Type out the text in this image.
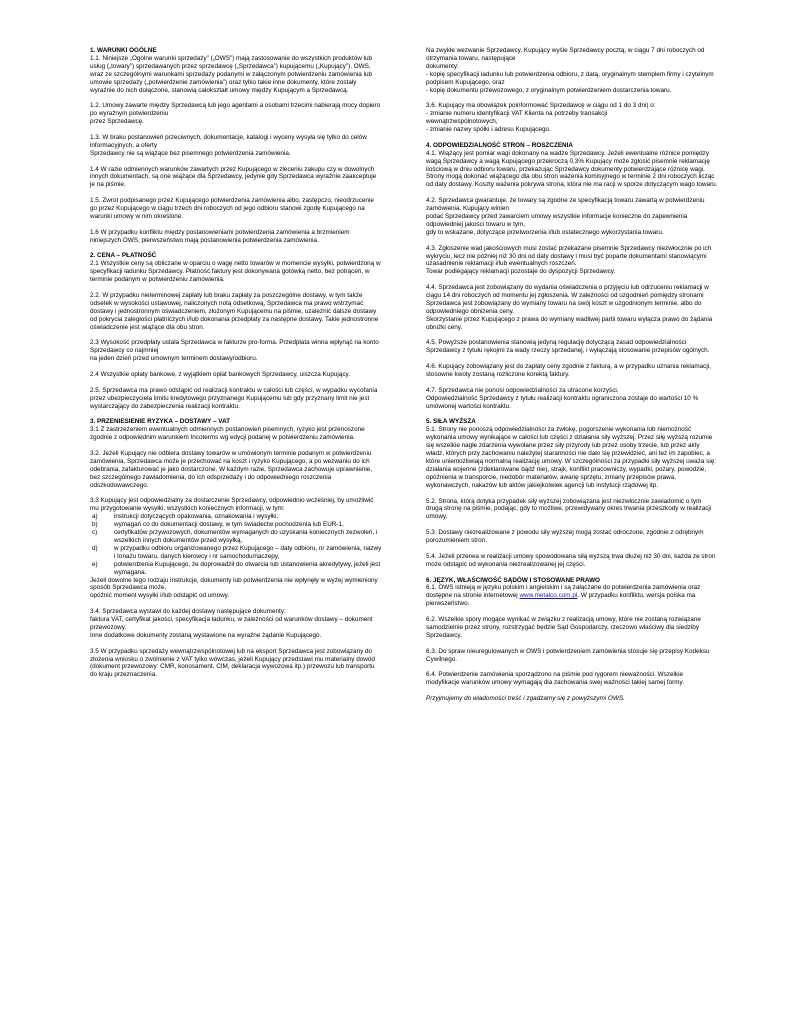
1. WARUNKI OGÓLNE
1.1. Niniejsze „Ogólne warunki sprzedaży” („OWS”) mają zastosowanie do wszystkich produktów lub usług („towary”) sprzedawanych przez sprzedawcę („Sprzedawca”) kupującemu („Kupujący”). OWS, wraz ze szczególnymi warunkami sprzedaży podanymi w załączonym potwierdzeniu zamówienia lub umowie sprzedaży („potwierdzenie zamówienia”) oraz tylko takie inne dokumenty, które zostały wyraźnie do nich dołączone, stanowią całokształt umowy między Kupującym a Sprzedawcą.
1.2. Umowy zawarte między Sprzedawcą lub jego agentami a osobami trzecimi nabierają mocy dopiero po wyraźnym potwierdzeniu
przez Sprzedawcę.
1.3. W braku postanowień przeciwnych, dokumentacje, katalogi i wyceny wysyła się tylko do celów informacyjnych, a oferty
Sprzedawcy nie są wiążące bez pisemnego potwierdzenia zamówienia.
1.4 W razie odmiennych warunków zawartych przez Kupującego w zleceniu zakupu czy w dowolnych innych dokumentach, są one wiążące dla Sprzedawcy, jedynie gdy Sprzedawca wyraźnie zaakceptuje je na piśmie.
1.5. Zwrot podpisanego przez Kupującego potwierdzenia zamówienia albo, zastępczo, nieodrzucenie go przez Kupującego w ciągu trzech dni roboczych od jego odbioru stanowi zgodę Kupującego na warunki umowy w nim określone.
1.6 W przypadku konfliktu między postanowieniami potwierdzenia zamówienia a brzmieniem niniejszych OWS, pierwszeństwo mają postanowienia potwierdzenia zamówienia.
2. CENA – PŁATNOŚĆ
2.1 Wszystkie ceny są obliczane w oparciu o wagę netto towarów w momencie wysyłki, potwierdzoną w specyfikacji ładunku Sprzedawcy. Płatność faktury jest dokonywana gotówką netto, bez potrąceń, w terminie podanym w potwierdzeniu zamówienia.
2.2. W przypadku nieterminowej zapłaty lub braku zapłaty za poszczególne dostawy, w tym także odsetek w wysokości ustawowej, naliczonych notą odsetkową, Sprzedawca ma prawo wstrzymać dostawy i jednostronnym oświadczeniem, złożonym Kupującemu na piśmie, uzależnić dalsze dostawy od pokrycia zaległości płatniczych i/lub dokonania przedpłaty za następne dostawy. Takie jednostronne oświadczenie jest wiążące dla obu stron.
2.3 Wysokość przedpłaty ustala Sprzedawca w fakturze pro-forma. Przedpłata winna wpłynąć na konto Sprzedawcy co najmniej
na jeden dzień przed umownym terminem dostawy/odbioru.
2.4 Wszystkie opłaty bankowe, z wyjątkiem opłat bankowych Sprzedawcy, uiszcza Kupujący.
2.5. Sprzedawca ma prawo odstąpić od realizacji kontraktu w całości lub części, w wypadku wycofania przez ubezpieczyciela limitu kredytowego przyznanego Kupującemu lub gdy przyznany limit nie jest wystarczający do zabezpieczenia realizacji kontraktu.
3. PRZENIESIENIE RYZYKA – DOSTAWY – VAT
3.1 Z zastrzeżeniem ewentualnych odmiennych postanowień pisemnych, ryzyko jest przenoszone zgodnie z odpowiednim warunkiem Incoterms wg edycji podanej w potwierdzeniu zamówienia.
3.2. Jeżeli Kupujący nie odbiera dostawy towarów w umówionym terminie podanym w potwierdzeniu zamówienia, Sprzedawca może je przechować na koszt i ryzyko Kupującego, a po wezwaniu do ich odebrania, zafakturować je jako dostarczone. W każdym razie, Sprzedawca zachowuje uprawnienie, bez szczególnego zawiadomienia, do ich odsprzedaży i do odpowiedniego roszczenia odszkodowawczego.
3.3 Kupujący jest odpowiedzialny za dostarczenie Sprzedawcy, odpowiednio wcześniej, by umożliwić mu przygotowanie wysyłki, wszystkich koniecznych informacji, w tym:
a)	instrukcji dotyczących opakowania, oznakowania i wysyłki,
b)	wymagań co do dokumentacji dostawy, w tym świadectw pochodzenia lub EUR-1,
c)	certyfikatów przywozowych, dokumentów wymaganych do uzyskania koniecznych zezwoleń, i wszelkich innych dokumentów przed wysyłką,
d)	w przypadku odbioru organizowanego przez Kupującego – daty odbioru, nr zamówienia, nazwy i tonażu towaru, danych kierowcy i nr samochodu/naczepy,
e)	potwierdzenia Kupującego, że doprowadził do otwarcia lub ustanowienia akredytywy, jeżeli jest wymagana.
Jeżeli dowolne tego rodzaju instrukcje, dokumenty lub potwierdzenia nie wpłynęły w wyżej wymieniony sposób Sprzedawca może,
opóźnić moment wysyłki i/lub odstąpić od umowy.
3.4. Sprzedawca wystawi do każdej dostawy następujące dokumenty:
faktura VAT, certyfikat jakości, specyfikacja ładunku, w zależności od warunków dostawy – dokument przewozowy.
Inne dodatkowe dokumenty zostaną wystawione na wyraźne żądanie Kupującego.
3.5 W przypadku sprzedaży wewnątrzwspólnotowej lub na eksport Sprzedawca jest zobowiązany do złożenia wniosku o zwolnienie z VAT tylko wówczas, jeżeli Kupujący przedstawi mu materialny dowód (dokument przewozowy: CMR, konosament, CIM, deklaracja wywozowa itp.) przewozu lub transportu do kraju przeznaczenia.
Na zwykłe wezwanie Sprzedawcy, Kupujący wyśle Sprzedawcy pocztą, w ciągu 7 dni roboczych od otrzymania towaru, następujące
dokumenty:
- kopię specyfikacji ładunku lub potwierdzenia odbioru, z datą, oryginalnym stemplem firmy i czytelnym podpisem Kupującego, oraz
- kopię dokumentu przewozowego, z oryginalnym potwierdzeniem dostarczenia towaru.
3.6. Kupujący ma obowiązek poinformować Sprzedawcę w ciągu od 1 do 3 dni) o:
- zmianie numeru identyfikacji VAT Klienta na potrzeby transakcji
wewnątrzwspólnotowych,
- zmianie nazwy spółki i adresu Kupującego.
4. ODPOWIEDZIALNOŚĆ STRON – ROSZCZENIA
4.1. Wiążący jest pomiar wagi dokonany na wadze Sprzedawcy. Jeżeli ewentualne różnice pomiędzy wagą Sprzedawcy a wagą Kupującego przekroczą 0,3% Kupujący może zgłosić pisemnie reklamację ilościową w dniu odbioru towaru, przekazując Sprzedawcy dokumenty potwierdzające różnicę wagi. Strony mogą dokonać wiążącego dla obu stron ważenia komisyjnego w terminie 2 dni roboczych licząc od daty dostawy. Koszty ważenia pokrywa strona, która nie ma racji w sporze dotyczącym wago towaru.
4.2. Sprzedawca gwarantuje, że towary są zgodne ze specyfikacją towaru zawartą w potwierdzeniu zamówienia. Kupujący winien
podać Sprzedawcy przed zawarciem umowy wszystkie informacje konieczne do zapewnienia odpowiedniej jakości towaru w tym,
gdy to wskazane, dotyczące przetworzenia i/lub ostatecznego wykorzystania towaru.
4.3. Zgłoszenie wad jakościowych musi zostać przekazane pisemnie Sprzedawcy niezwłocznie po ich wykryciu, lecz nie później niż 30 dni od daty dostawy i musi być poparte dokumentami stanowiącymi uzasadnienie reklamacji i/lub ewentualnych roszczeń.
Towar podlegający reklamacji pozostaje do dyspozycji Sprzedawcy.
4.4. Sprzedawca jest zobowiązany do wydania oświadczenia o przyjęciu lub odrzuceniu reklamacji w ciągu 14 dni roboczych od momentu jej zgłoszenia. W zależności od uzgodnień pomiędzy stronami Sprzedawca jest zobowiązany do wymiany towaru na swój koszt w uzgodnionym terminie, albo do odpowiedniego obniżenia ceny.
Skorzystanie przez Kupującego z prawa do wymiany wadliwej partii towaru wyłącza prawo do żądania obniżki ceny.
4.5. Powyższe postanowienia stanowią jedyną regulację dotyczącą zasad odpowiedzialności Sprzedawcy z tytułu rękojmi za wady rzeczy sprzedanej, i wyłączają stosowanie przepisów ogólnych.
4.6. Kupujący zobowiązany jest do zapłaty ceny zgodnie z fakturą, a w przypadku uznania reklamacji, stosowne kwoty zostaną rozliczone korektą faktury.
4.7. Sprzedawca nie ponosi odpowiedzialności za utracone korzyści.
Odpowiedzialność Sprzedawcy z tytułu realizacji kontraktu ograniczona zostaje do wartości 10 % umówionej wartości kontraktu.
5. SIŁA WYŻSZA
5.1. Strony nie ponoszą odpowiedzialności za zwłokę, pogorszenie wykonania lub niemożność wykonania umowy wynikające w całości lub części z działania siły wyższej. Przez siłę wyższą rozumie się wszelkie nagłe zdarzenia wywołane przez siły przyrody lub przez osoby trzecie, lub przez akty władz, których przy zachowaniu należytej staranności nie dało się przewidzieć, ani też im zapobiec, a które uniemożliwiają normalną realizację umowy. W szczególności za przypadki siły wyższej uważa się: działania wojenne (zdeklarowane bądź nie), strajk, konflikt pracowniczy, wypadki, pożary, powodzie, opóźnienia w transporcie, niedobór materiałów, awarię sprzętu, zmiany przepisów prawa, wykonawczych, nakazów lub aktów jakiejkolwiek agencji lub instytucji rządowej itp.
5.2. Strona, którą dotyka przypadek siły wyższej zobowiązana jest niezwłocznie zawiadomić o tym drugą stronę na piśmie, podając, gdy to możliwe, przewidywany okres trwania przeszkody w realizacji umowy.
5.3. Dostawy niezrealizowane z powodu siły wyższej mogą zostać odroczone, zgodnie z odrębnym porozumieniem stron.
5.4. Jeżeli przerwa w realizacji umowy spowodowana siłą wyższą trwa dłużej niż 30 dni, każda ze stron może odstąpić od wykonania niezrealizowanej jej części.
6. JĘZYK, WŁAŚCIWOŚĆ SĄDÓW I STOSOWANE PRAWO
6.1. OWS istnieją w języku polskim i angielskim i są załączane do potwierdzenia zamówienia oraz dostępne na stronie internetowej www.metalco.com.pl. W przypadku konfliktu, wersja polska ma pierwszeństwo.
6.2. Wszelkie spory mogące wynikać w związku z realizacją umowy, które nie zostaną rozwiązane samodzielnie przez strony, rozstrzygać będzie Sąd Gospodarczy, rzeczowo właściwy dla siedziby Sprzedawcy.
6.3. Do spraw nieuregulowanych w OWS i potwierdzeniem zamówienia stosuje się przepisy Kodeksu Cywilnego.
6.4. Potwierdzenie zamówienia sporządzono na piśmie pod rygorem nieważności. Wszelkie modyfikacje warunków umowy wymagają dla zachowania swej ważności takiej samej formy.
Przyjmujemy do wiadomości treść i zgadzamy się z powyższymi OWS.
